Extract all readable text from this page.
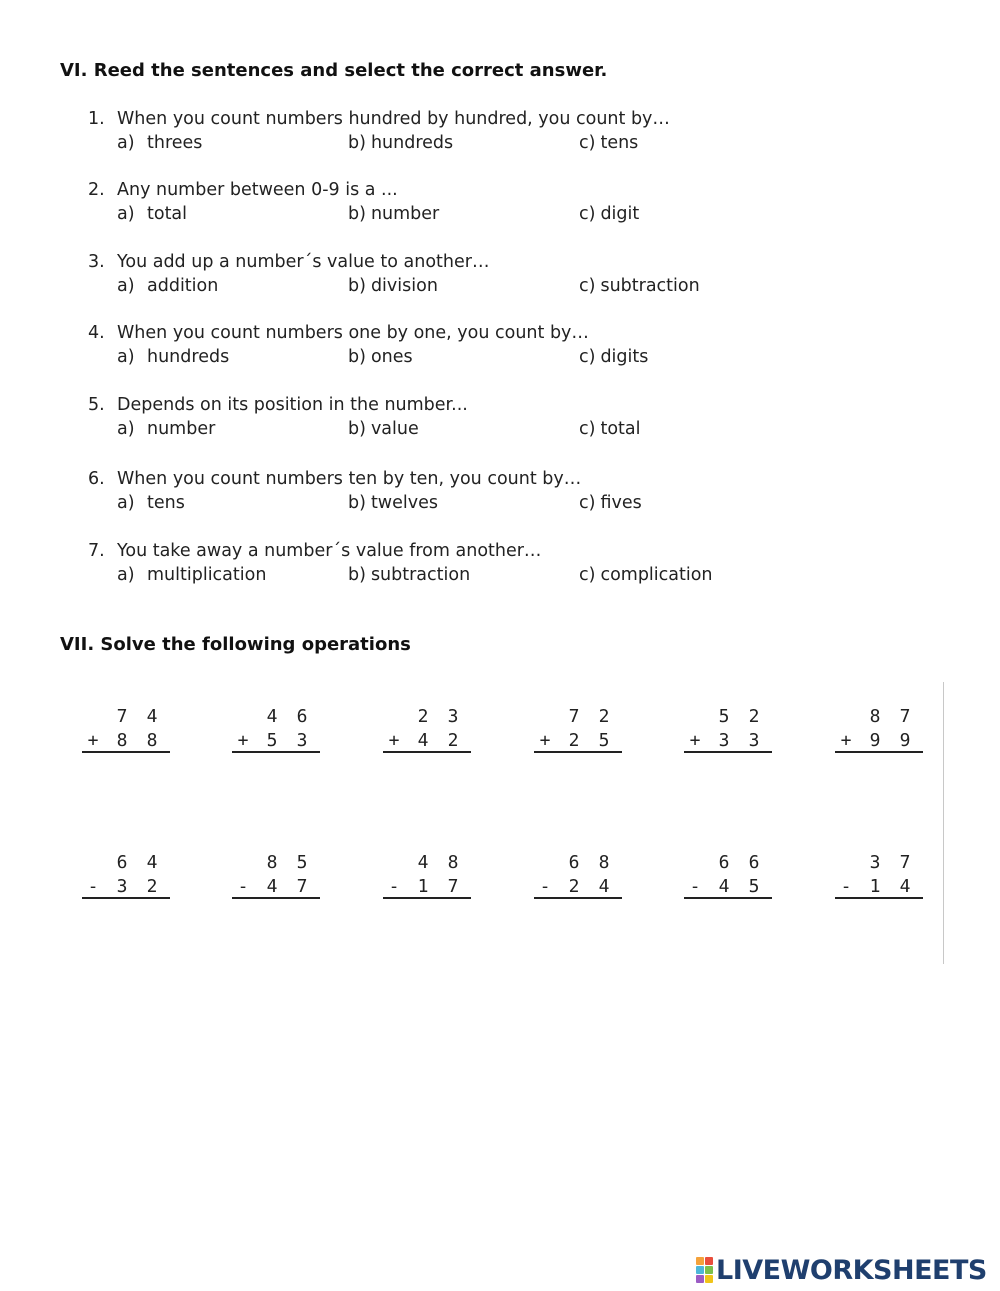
VI. Reed the sentences and select the correct answer.
1. When you count numbers hundred by hundred, you count by…
a) threes	b) hundreds	c) tens
2. Any number between 0-9 is a ...
a) total	b) number	c) digit
3. You add up a number´s value to another…
a) addition	b) division	c) subtraction
4. When you count numbers one by one, you count by…
a) hundreds	b) ones	c) digits
5. Depends on its position in the number...
a) number	b) value	c) total
6. When you count numbers ten by ten, you count by…
a) tens	b) twelves	c) fives
7. You take away a number´s value from another…
a) multiplication	b) subtraction	c) complication
VII. Solve the following operations
7 4
+ 8 8
4 6
+ 5 3
2 3
+ 4 2
7 2
+ 2 5
5 2
+ 3 3
8 7
+ 9 9
6 4
- 3 2
8 5
- 4 7
4 8
- 1 7
6 8
- 2 4
6 6
- 4 5
3 7
- 1 4
LIVEWORKSHEETS
